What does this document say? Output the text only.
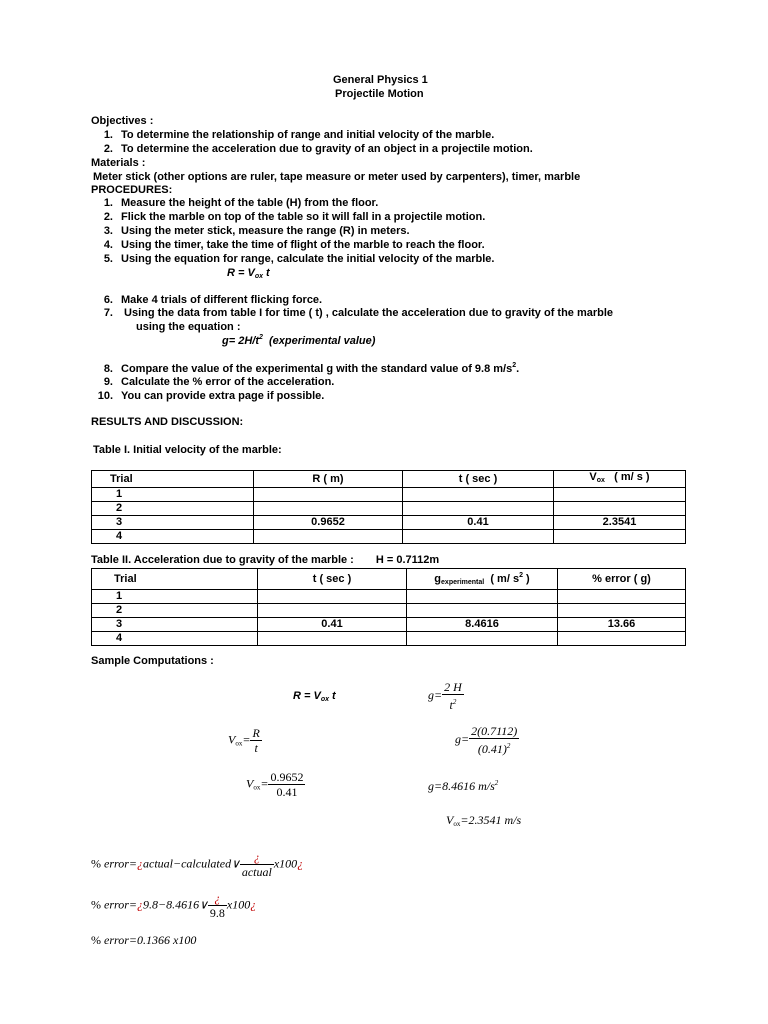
General Physics 1
Projectile Motion
Objectives :
1. To determine the relationship of range and initial velocity of the marble.
2. To determine the acceleration due to gravity of an object in a projectile motion.
Materials :
Meter stick (other options are ruler, tape measure or meter used by carpenters), timer, marble
PROCEDURES:
1. Measure the height of the table (H) from the floor.
2. Flick the marble on top of the table so it will fall in a projectile motion.
3. Using the meter stick, measure the range (R) in meters.
4. Using the timer, take the time of flight of the marble to reach the floor.
5. Using the equation for range, calculate the initial velocity of the marble.
$R = V_{ox}$ t
6. Make 4 trials of different flicking force.
7. Using the data from table I for time ( t) , calculate the acceleration due to gravity of the marble
using the equation :
$g= 2H/t^2$  (experimental value)
8. Compare the value of the experimental g with the standard value of 9.8 $m/s^2$.
9. Calculate the % error of the acceleration.
10. You can provide extra page if possible.
RESULTS AND DISCUSSION:
Table I. Initial velocity of the marble:
Trial	R ( m)	t ( sec )	$V_{ox}$   ( m/ s )
1			
2			
3	0.9652	0.41	2.3541
4			
Table II. Acceleration due to gravity of the marble : H = 0.7112m
Trial	t ( sec )	$g_{experimental}$  ( m/ $s^2$ )	% error ( g)
1			
2			
3	0.41	8.4616	13.66
4			
Sample Computations :
$R = V_{ox}$ t	$g= \frac{2 H}{t^2}$
$V_{ox}= \frac{R}{t}$	$g= \frac{2(0.7112)}{(0.41)^2}$
$V_{ox}= \frac{0.9652}{0.41}$	g=8.4616 $m/s^2$
$V_{ox}=2.3541$ m/s
% error=¿actual−calculated∨ $\frac{¿}{\text{actual}}$ x100¿
% error=¿9.8−8.4616∨ $\frac{¿}{9.8}$ x100¿
% error=0.1366 x100
